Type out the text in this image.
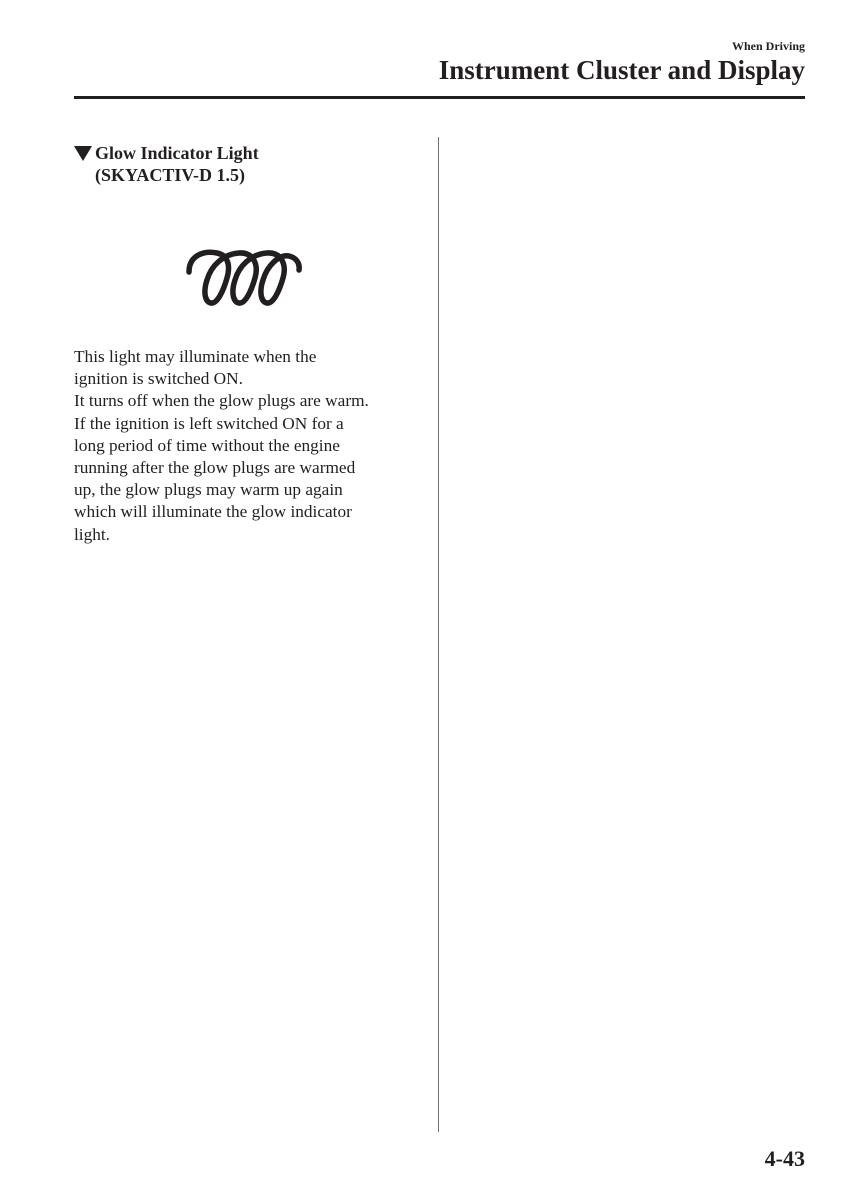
When Driving
Instrument Cluster and Display
Glow Indicator Light
(SKYACTIV-D 1.5)

This light may illuminate when the

ignition is switched ON.

It turns off when the glow plugs are warm.

If the ignition is left switched ON for a

long period of time without the engine

running after the glow plugs are warmed

up, the glow plugs may warm up again

which will illuminate the glow indicator

light.

4-43
